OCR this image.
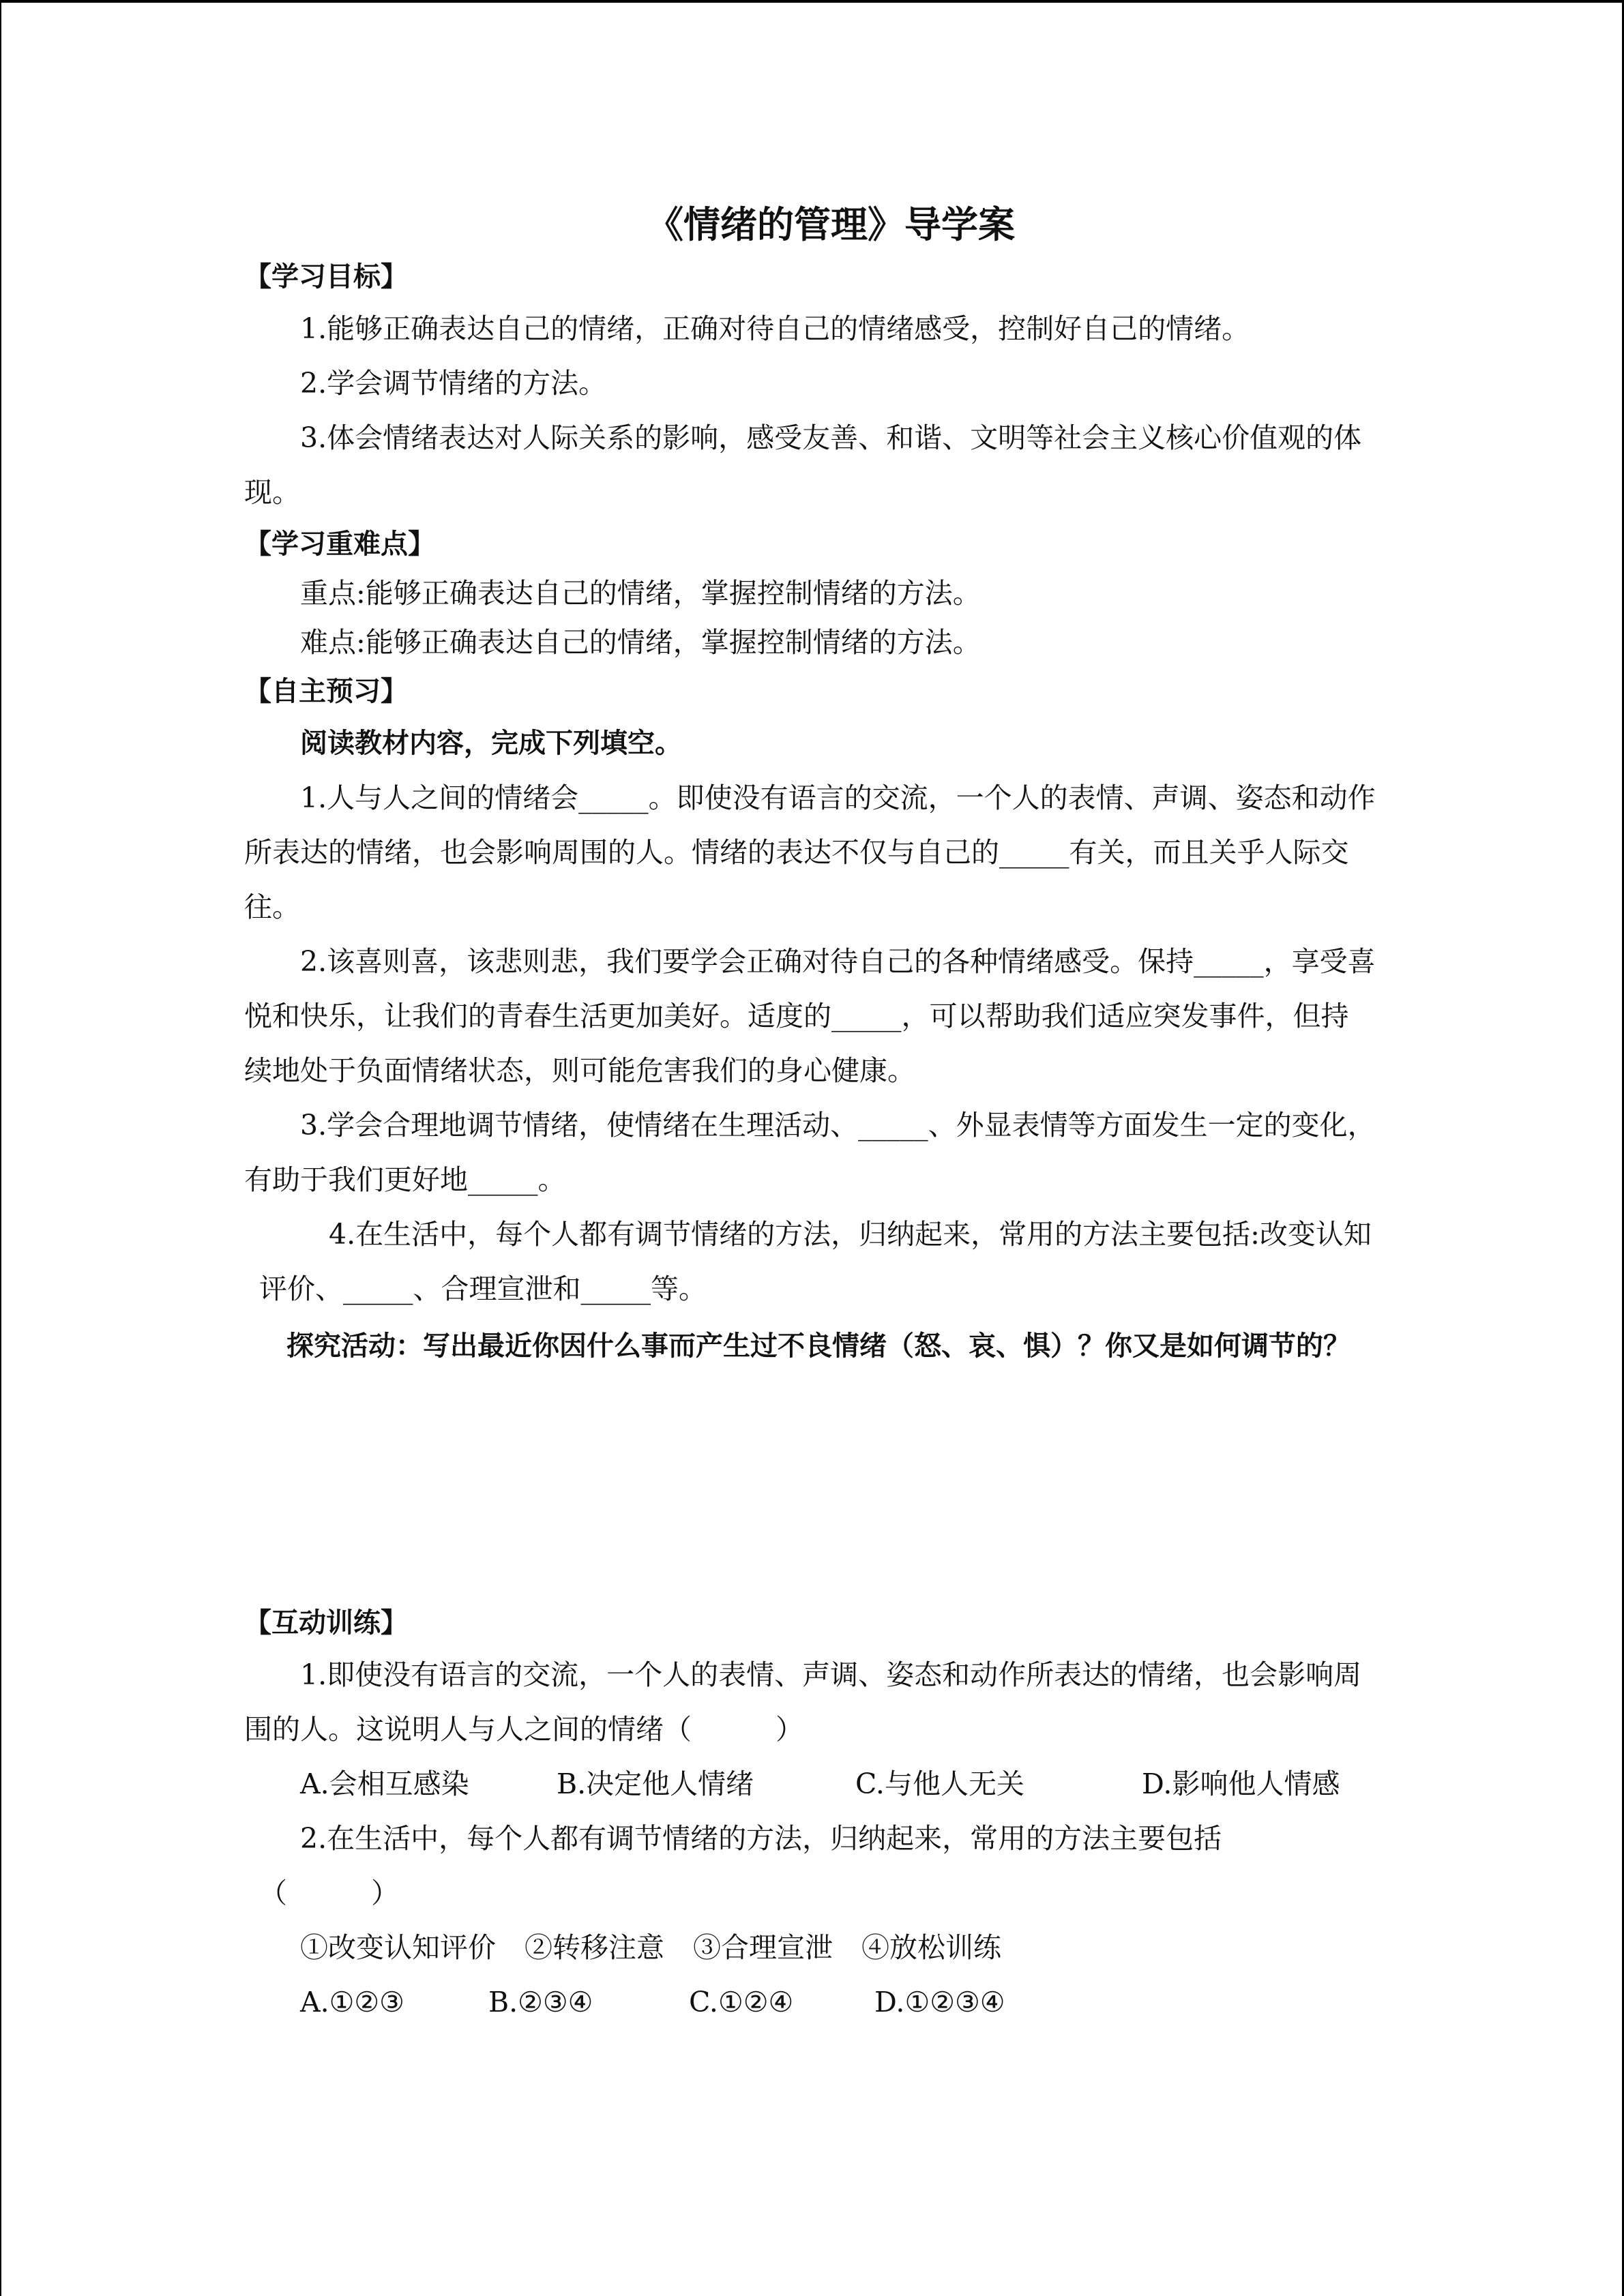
《情绪的管理》导学案
【学习目标】

1.能够正确表达自己的情绪，正确对待自己的情绪感受，控制好自己的情绪。

2.学会调节情绪的方法。

3.体会情绪表达对人际关系的影响，感受友善、和谐、文明等社会主义核心价值观的体现。

【学习重难点】

重点:能够正确表达自己的情绪，掌握控制情绪的方法。

难点:能够正确表达自己的情绪，掌握控制情绪的方法。

【自主预习】

阅读教材内容，完成下列填空。

1.人与人之间的情绪会_____。即使没有语言的交流，一个人的表情、声调、姿态和动作所表达的情绪，也会影响周围的人。情绪的表达不仅与自己的_____有关，而且关乎人际交往。

2.该喜则喜，该悲则悲，我们要学会正确对待自己的各种情绪感受。保持_____，享受喜悦和快乐，让我们的青春生活更加美好。适度的_____，可以帮助我们适应突发事件，但持续地处于负面情绪状态，则可能危害我们的身心健康。

3.学会合理地调节情绪，使情绪在生理活动、_____、外显表情等方面发生一定的变化，有助于我们更好地_____。

4.在生活中，每个人都有调节情绪的方法，归纳起来，常用的方法主要包括:改变认知评价、_____、合理宣泄和_____等。

探究活动：写出最近你因什么事而产生过不良情绪（怒、哀、惧）？你又是如何调节的？

【互动训练】

1.即使没有语言的交流，一个人的表情、声调、姿态和动作所表达的情绪，也会影响周围的人。这说明人与人之间的情绪（　　　）

A.会相互感染	B.决定他人情绪	C.与他人无关	D.影响他人情感

2.在生活中，每个人都有调节情绪的方法，归纳起来，常用的方法主要包括

（　　　）

①改变认知评价 ②转移注意 ③合理宣泄 ④放松训练

A.①②③	B.②③④	C.①②④	D.①②③④
